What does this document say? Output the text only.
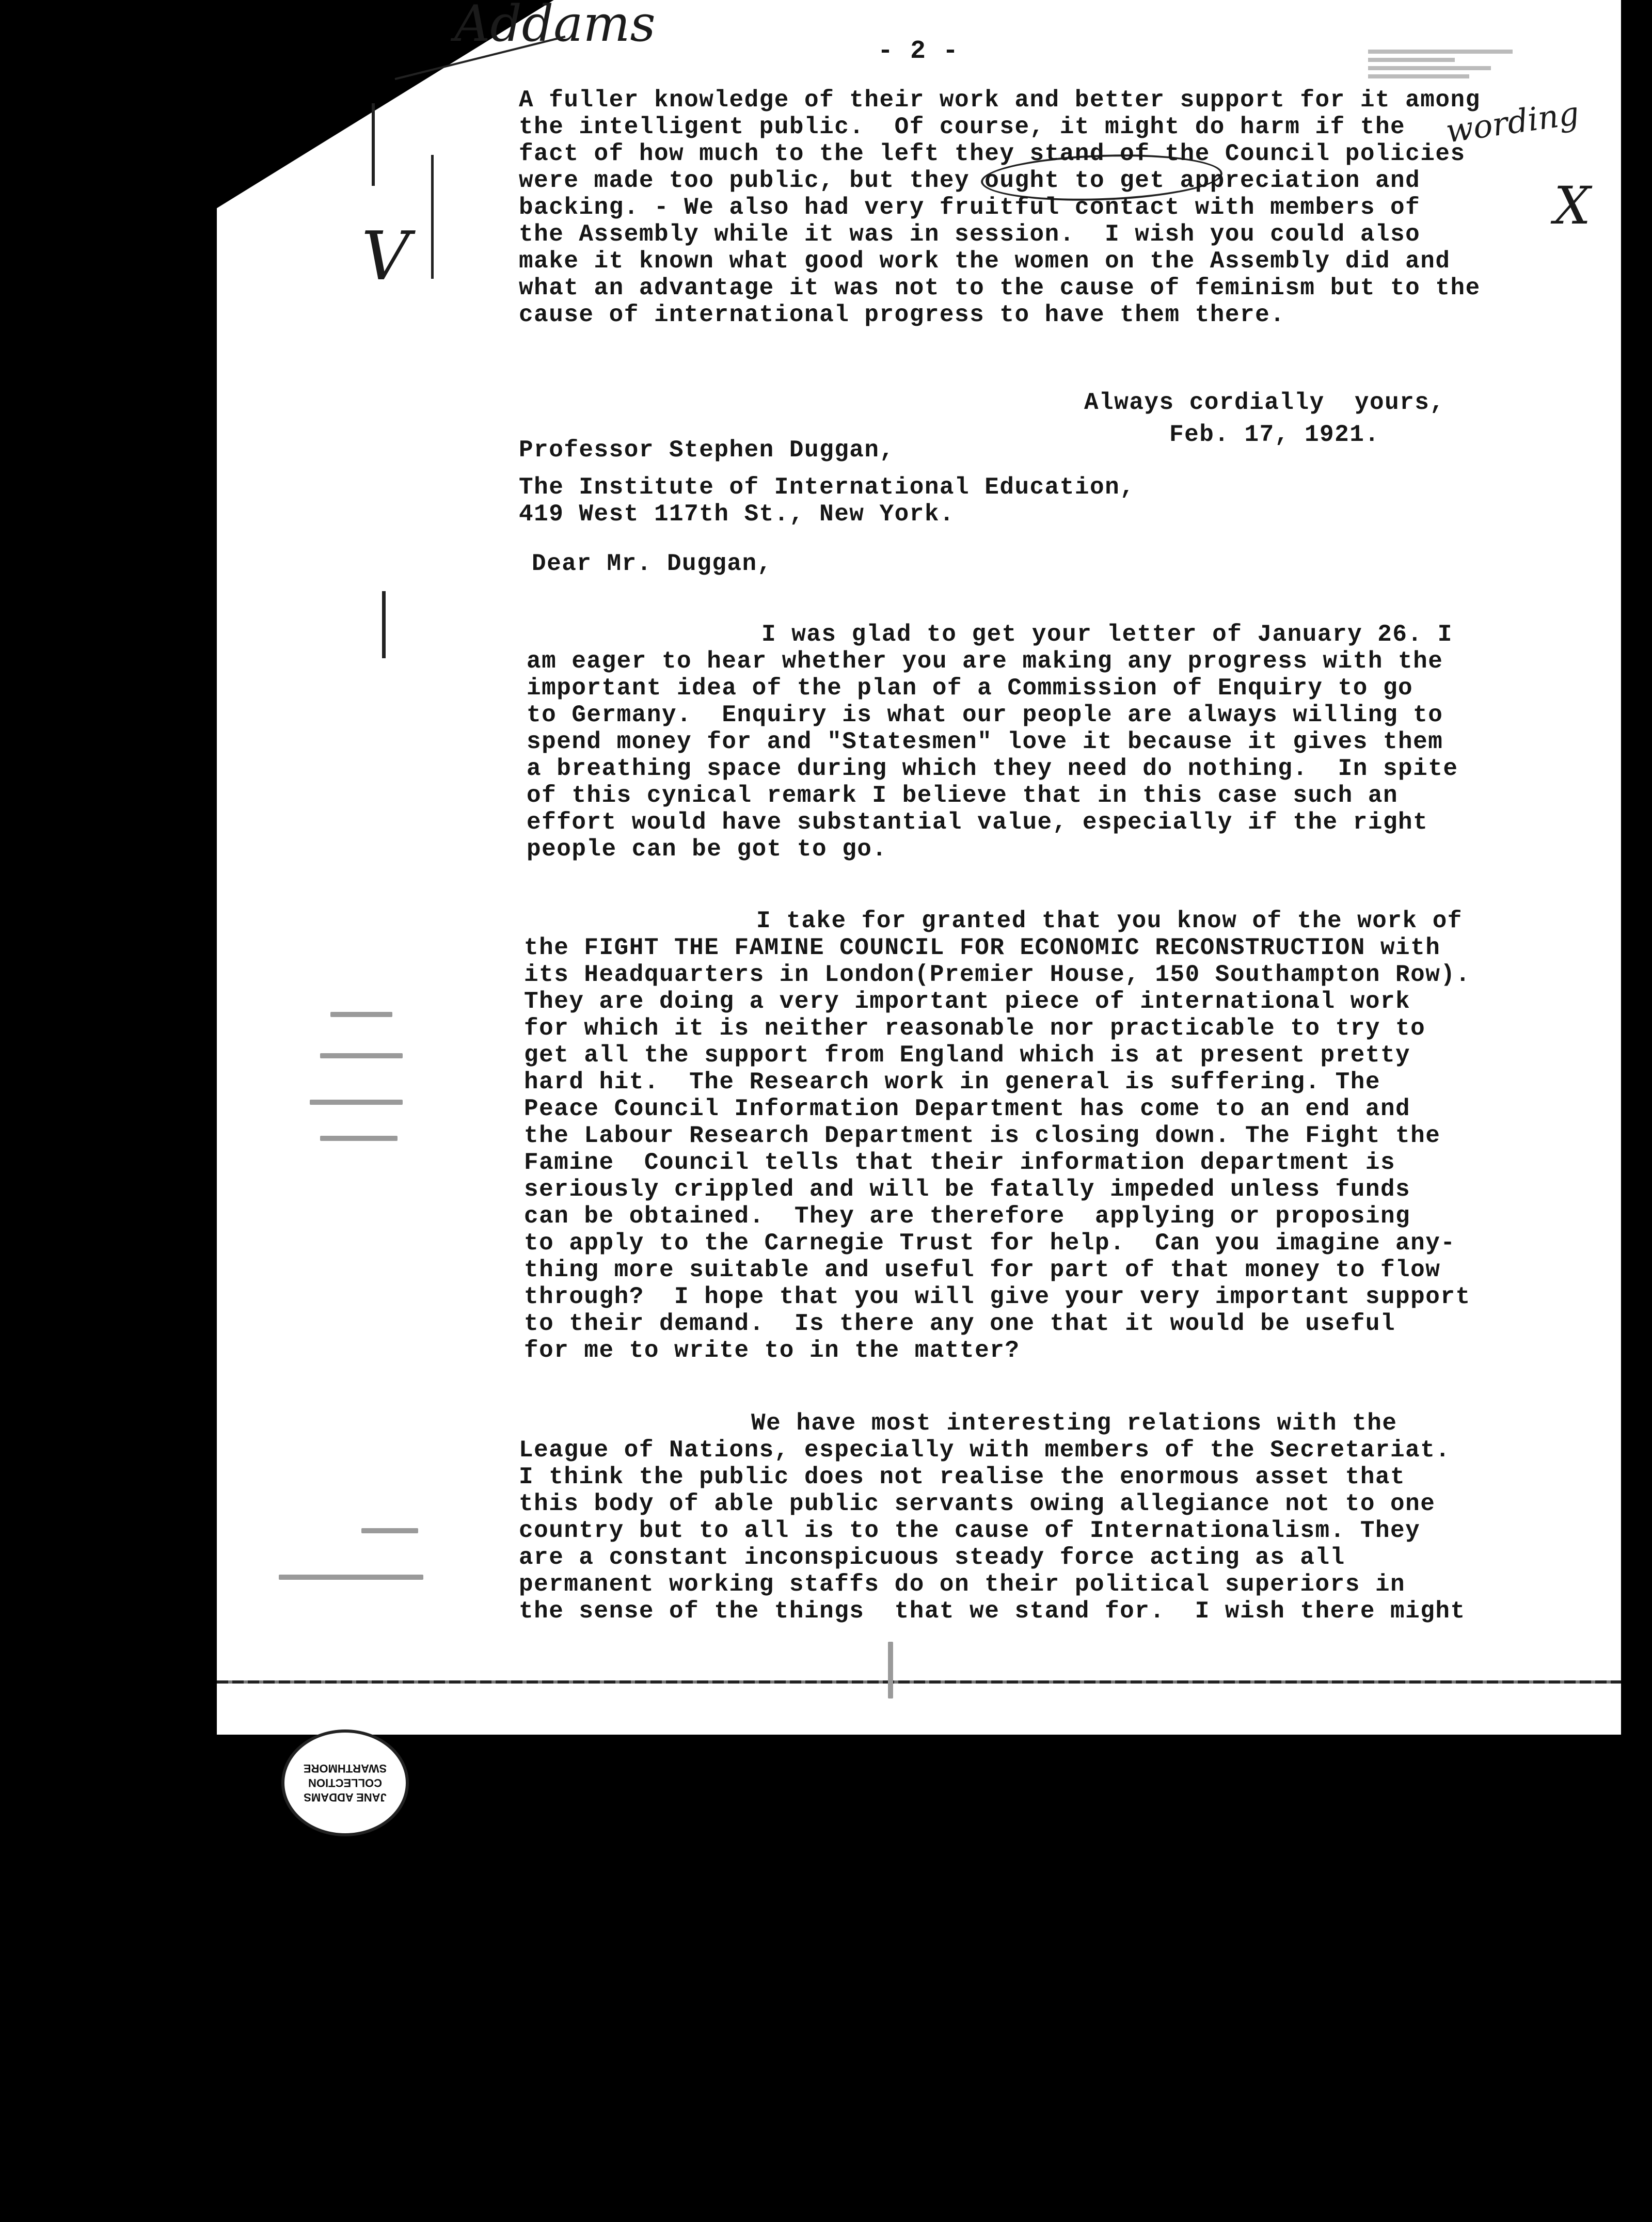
Addams	- 2 -
V
wording
X
A fuller knowledge of their work and better support for it among
the intelligent public.  Of course, it might do harm if the
fact of how much to the left they stand of the Council policies
were made too public, but they ought to get appreciation and
backing. - We also had very fruitful contact with members of
the Assembly while it was in session.  I wish you could also
make it known what good work the women on the Assembly did and
what an advantage it was not to the cause of feminism but to the
cause of international progress to have them there.
Always cordially  yours,
Feb. 17, 1921.
Professor Stephen Duggan,
The Institute of International Education,
419 West 117th St., New York.
Dear Mr. Duggan,
I was glad to get your letter of January 26. I
am eager to hear whether you are making any progress with the
important idea of the plan of a Commission of Enquiry to go
to Germany.  Enquiry is what our people are always willing to
spend money for and "Statesmen" love it because it gives them
a breathing space during which they need do nothing.  In spite
of this cynical remark I believe that in this case such an
effort would have substantial value, especially if the right
people can be got to go.
I take for granted that you know of the work of
the FIGHT THE FAMINE COUNCIL FOR ECONOMIC RECONSTRUCTION with
its Headquarters in London(Premier House, 150 Southampton Row).
They are doing a very important piece of international work
for which it is neither reasonable nor practicable to try to
get all the support from England which is at present pretty
hard hit.  The Research work in general is suffering. The
Peace Council Information Department has come to an end and
the Labour Research Department is closing down. The Fight the
Famine  Council tells that their information department is
seriously crippled and will be fatally impeded unless funds
can be obtained.  They are therefore  applying or proposing
to apply to the Carnegie Trust for help.  Can you imagine any-
thing more suitable and useful for part of that money to flow
through?  I hope that you will give your very important support
to their demand.  Is there any one that it would be useful
for me to write to in the matter?
We have most interesting relations with the
League of Nations, especially with members of the Secretariat.
I think the public does not realise the enormous asset that
this body of able public servants owing allegiance not to one
country but to all is to the cause of Internationalism. They
are a constant inconspicuous steady force acting as all
permanent working staffs do on their political superiors in
the sense of the things  that we stand for.  I wish there might
JANE ADDAMS
COLLECTION
SWARTHMORE
